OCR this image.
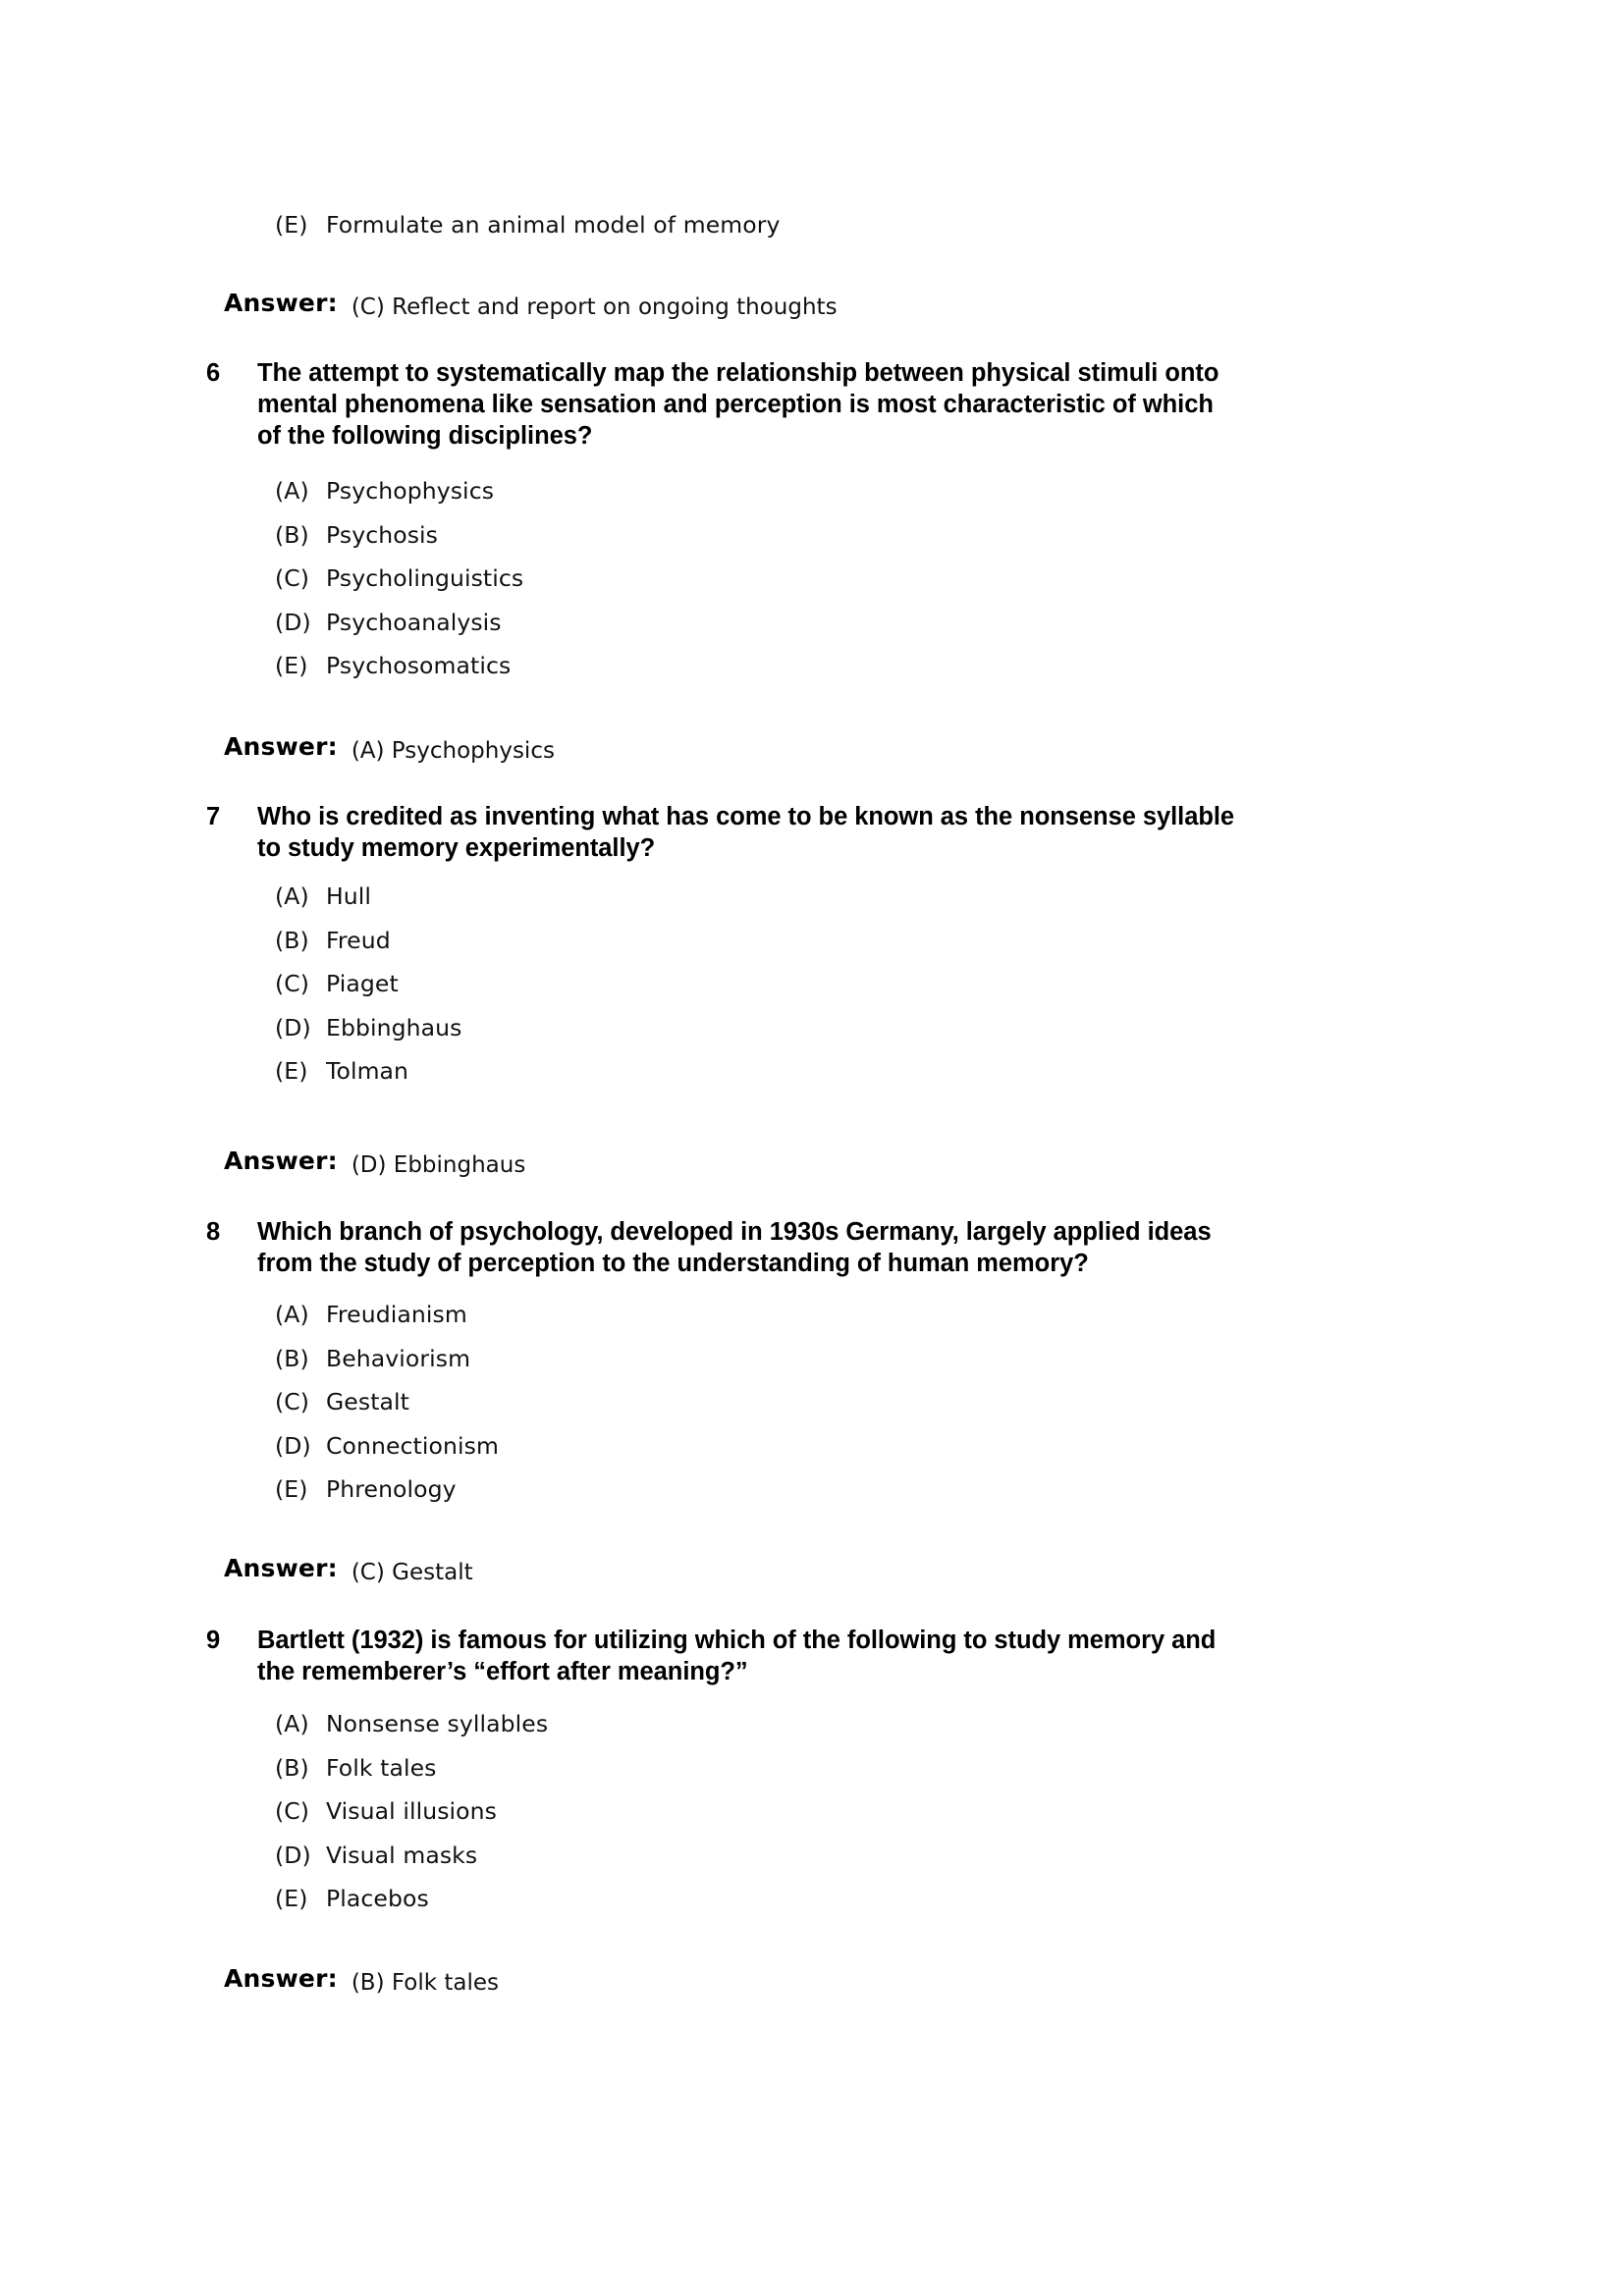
(E) Formulate an animal model of memory
Answer: (C) Reflect and report on ongoing thoughts
6	The attempt to systematically map the relationship between physical stimuli onto mental phenomena like sensation and perception is most characteristic of which of the following disciplines?
(A) Psychophysics
(B) Psychosis
(C) Psycholinguistics
(D) Psychoanalysis
(E) Psychosomatics
Answer: (A) Psychophysics
7	Who is credited as inventing what has come to be known as the nonsense syllable to study memory experimentally?
(A) Hull
(B) Freud
(C) Piaget
(D) Ebbinghaus
(E) Tolman
Answer: (D) Ebbinghaus
8	Which branch of psychology, developed in 1930s Germany, largely applied ideas from the study of perception to the understanding of human memory?
(A) Freudianism
(B) Behaviorism
(C) Gestalt
(D) Connectionism
(E) Phrenology
Answer: (C) Gestalt
9	Bartlett (1932) is famous for utilizing which of the following to study memory and the rememberer’s “effort after meaning?”
(A) Nonsense syllables
(B) Folk tales
(C) Visual illusions
(D) Visual masks
(E) Placebos
Answer: (B) Folk tales
